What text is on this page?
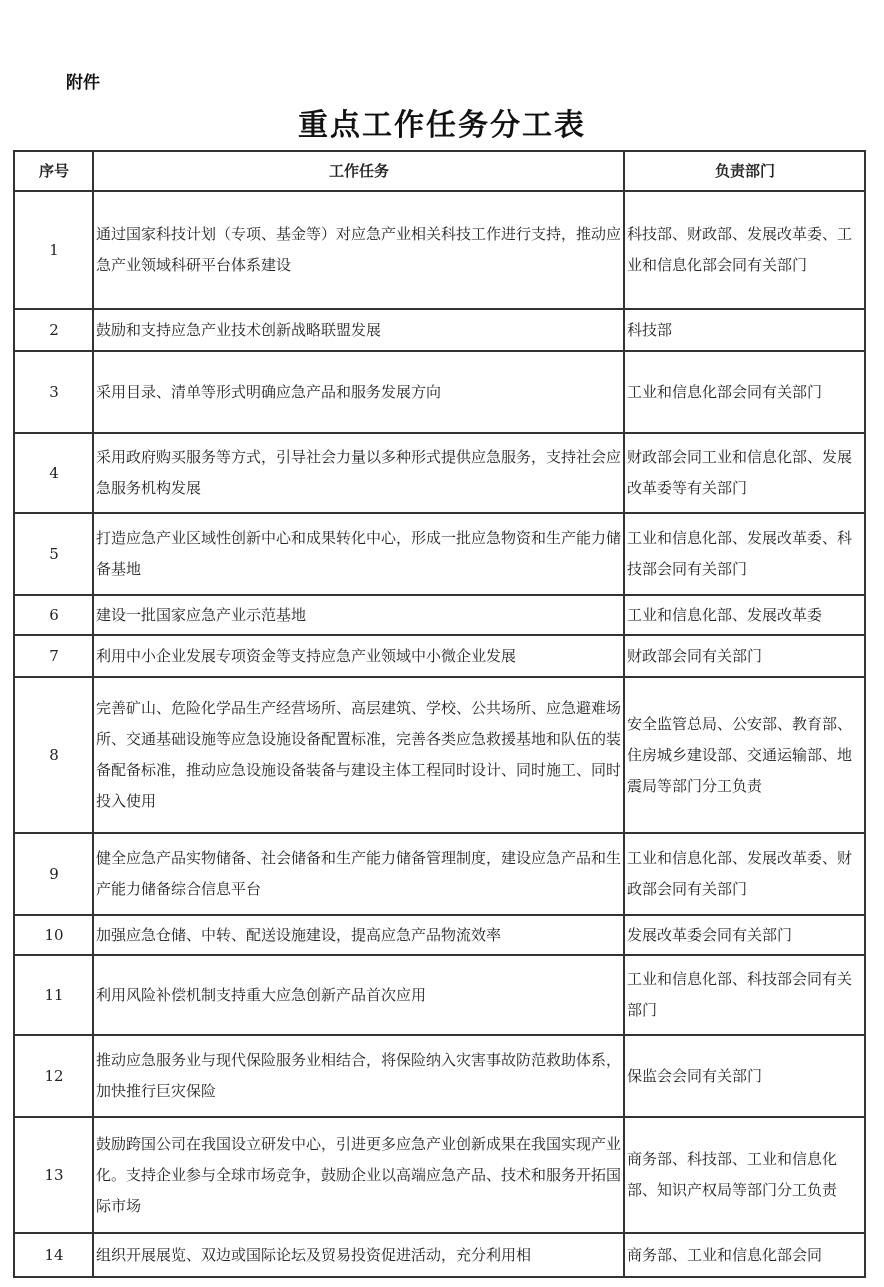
附件
重点工作任务分工表
序号	工作任务	负责部门
1	通过国家科技计划（专项、基金等）对应急产业相关科技工作进行支持，推动应急产业领域科研平台体系建设	科技部、财政部、发展改革委、工业和信息化部会同有关部门
2	鼓励和支持应急产业技术创新战略联盟发展	科技部
3	采用目录、清单等形式明确应急产品和服务发展方向	工业和信息化部会同有关部门
4	采用政府购买服务等方式，引导社会力量以多种形式提供应急服务，支持社会应急服务机构发展	财政部会同工业和信息化部、发展改革委等有关部门
5	打造应急产业区域性创新中心和成果转化中心，形成一批应急物资和生产能力储备基地	工业和信息化部、发展改革委、科技部会同有关部门
6	建设一批国家应急产业示范基地	工业和信息化部、发展改革委
7	利用中小企业发展专项资金等支持应急产业领域中小微企业发展	财政部会同有关部门
8	完善矿山、危险化学品生产经营场所、高层建筑、学校、公共场所、应急避难场所、交通基础设施等应急设施设备配置标准，完善各类应急救援基地和队伍的装备配备标准，推动应急设施设备装备与建设主体工程同时设计、同时施工、同时投入使用	安全监管总局、公安部、教育部、住房城乡建设部、交通运输部、地震局等部门分工负责
9	健全应急产品实物储备、社会储备和生产能力储备管理制度，建设应急产品和生产能力储备综合信息平台	工业和信息化部、发展改革委、财政部会同有关部门
10	加强应急仓储、中转、配送设施建设，提高应急产品物流效率	发展改革委会同有关部门
11	利用风险补偿机制支持重大应急创新产品首次应用	工业和信息化部、科技部会同有关部门
12	推动应急服务业与现代保险服务业相结合，将保险纳入灾害事故防范救助体系，加快推行巨灾保险	保监会会同有关部门
13	鼓励跨国公司在我国设立研发中心，引进更多应急产业创新成果在我国实现产业化。支持企业参与全球市场竞争，鼓励企业以高端应急产品、技术和服务开拓国际市场	商务部、科技部、工业和信息化部、知识产权局等部门分工负责
14	组织开展展览、双边或国际论坛及贸易投资促进活动，充分利用相	商务部、工业和信息化部会同
